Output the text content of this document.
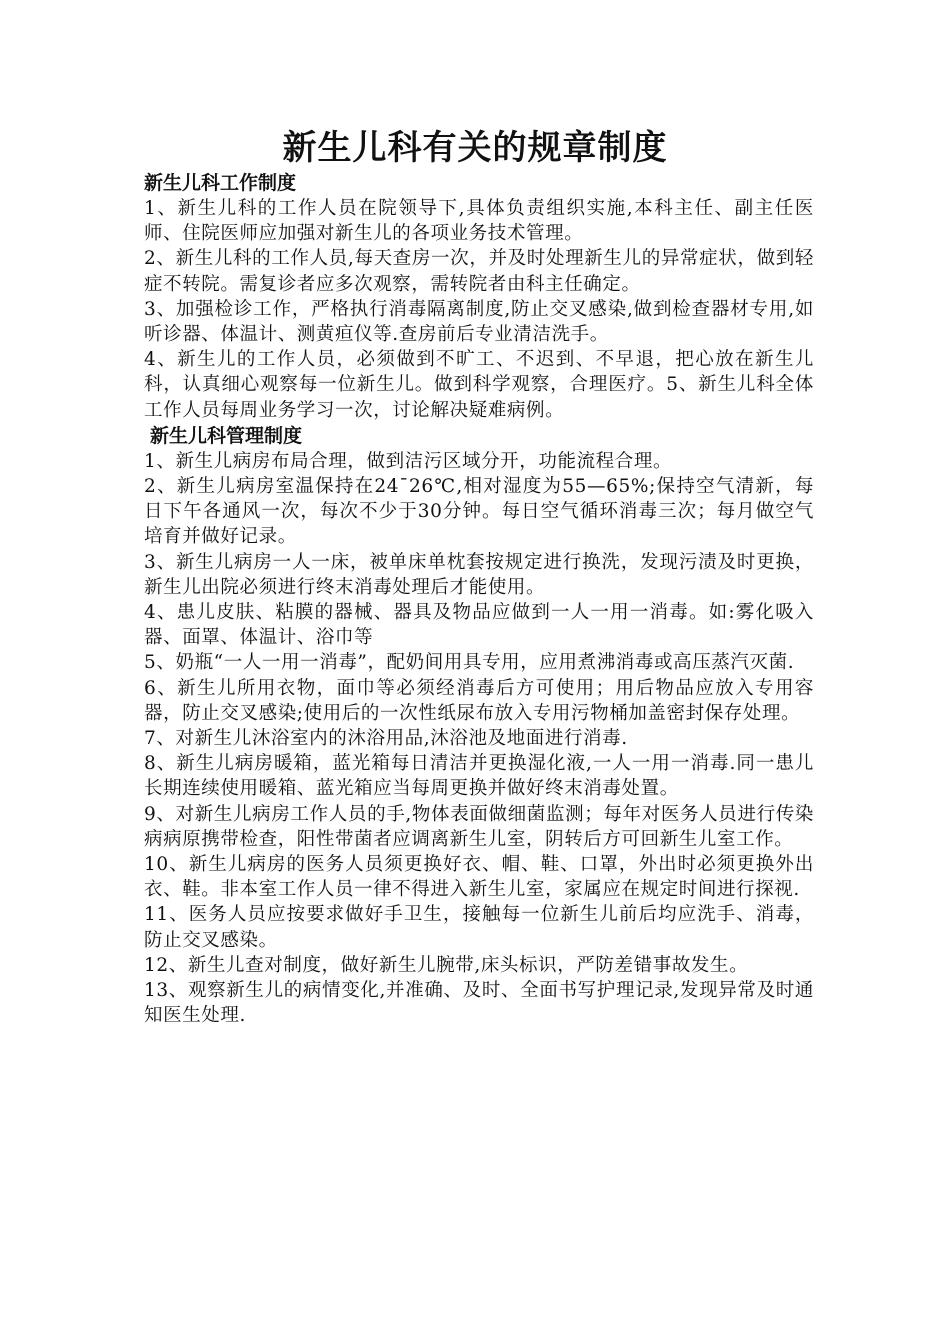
新生儿科有关的规章制度
新生儿科工作制度

1、新生儿科的工作人员在院领导下,具体负责组织实施,本科主任、副主任医师、住院医师应加强对新生儿的各项业务技术管理。

2、新生儿科的工作人员,每天查房一次，并及时处理新生儿的异常症状，做到轻症不转院。需复诊者应多次观察，需转院者由科主任确定。

3、加强检诊工作，严格执行消毒隔离制度,防止交叉感染,做到检查器材专用,如听诊器、体温计、测黄疸仪等.查房前后专业清洁洗手。

4、新生儿的工作人员，必须做到不旷工、不迟到、不早退，把心放在新生儿科，认真细心观察每一位新生儿。做到科学观察，合理医疗。5、新生儿科全体工作人员每周业务学习一次，讨论解决疑难病例。

新生儿科管理制度

1、新生儿病房布局合理，做到洁污区域分开，功能流程合理。

2、新生儿病房室温保持在24¯26℃,相对湿度为55—65%;保持空气清新，每日下午各通风一次，每次不少于30分钟。每日空气循环消毒三次；每月做空气培育并做好记录。

3、新生儿病房一人一床，被单床单枕套按规定进行换洗，发现污渍及时更换，新生儿出院必须进行终末消毒处理后才能使用。

4、患儿皮肤、粘膜的器械、器具及物品应做到一人一用一消毒。如:雾化吸入器、面罩、体温计、浴巾等

5、奶瓶“一人一用一消毒”，配奶间用具专用，应用煮沸消毒或高压蒸汽灭菌.

6、新生儿所用衣物，面巾等必须经消毒后方可使用；用后物品应放入专用容器，防止交叉感染;使用后的一次性纸尿布放入专用污物桶加盖密封保存处理。

7、对新生儿沐浴室内的沐浴用品,沐浴池及地面进行消毒.

8、新生儿病房暖箱，蓝光箱每日清洁并更换湿化液,一人一用一消毒.同一患儿长期连续使用暖箱、蓝光箱应当每周更换并做好终末消毒处置。

9、对新生儿病房工作人员的手,物体表面做细菌监测；每年对医务人员进行传染病病原携带检查，阳性带菌者应调离新生儿室，阴转后方可回新生儿室工作。

10、新生儿病房的医务人员须更换好衣、帽、鞋、口罩，外出时必须更换外出衣、鞋。非本室工作人员一律不得进入新生儿室，家属应在规定时间进行探视.

11、医务人员应按要求做好手卫生，接触每一位新生儿前后均应洗手、消毒，防止交叉感染。

12、新生儿查对制度，做好新生儿腕带,床头标识，严防差错事故发生。

13、观察新生儿的病情变化,并准确、及时、全面书写护理记录,发现异常及时通知医生处理.
